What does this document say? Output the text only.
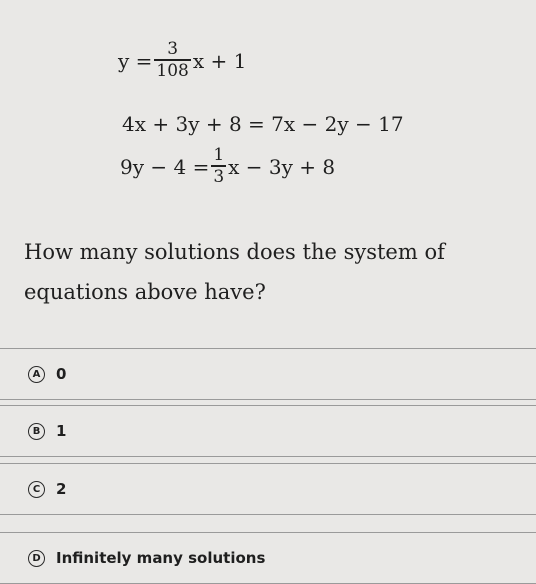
$y = \frac{3}{108}$ x + 1
4x + 3y + 8 = 7x − 2y − 17
$9y - 4 = \frac{1}{3}$ x − 3y + 8
How many solutions does the system of equations above have?
A	0
B	1
C	2
D Infinitely many solutions
